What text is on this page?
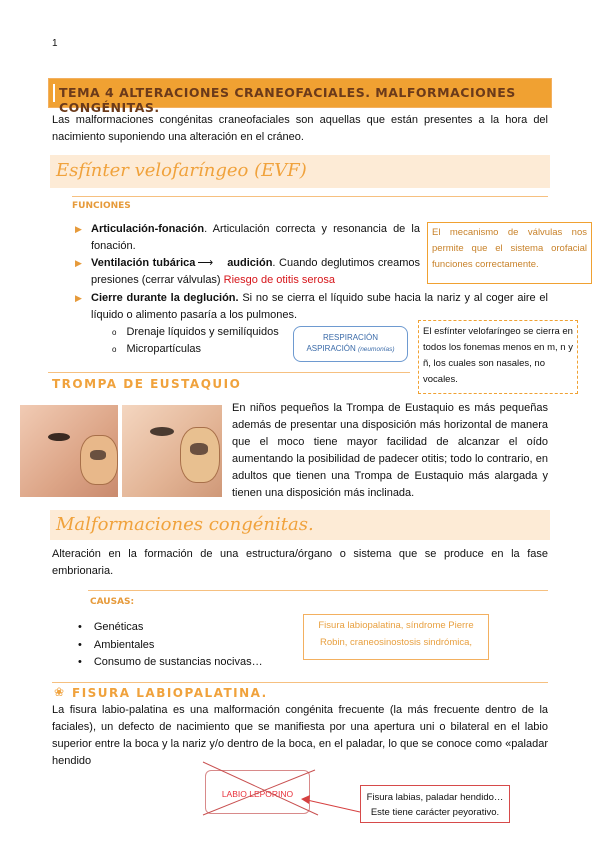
1
TEMA 4 ALTERACIONES CRANEOFACIALES. MALFORMACIONES CONGÉNITAS.
Las malformaciones congénitas craneofaciales son aquellas que están presentes a la hora del nacimiento suponiendo una alteración en el cráneo.
Esfínter velofaríngeo (EVF)
FUNCIONES
▶ Articulación-fonación. Articulación correcta y resonancia de la fonación.
▶ Ventilación tubárica ⟶ audición. Cuando deglutimos creamos presiones (cerrar válvulas) Riesgo de otitis serosa
▶ Cierre durante la deglución. Si no se cierra el líquido sube hacia la nariz y al coger aire el líquido o alimento pasaría a los pulmones.
o Drenaje líquidos y semilíquidos
o Micropartículas
El mecanismo de válvulas nos permite que el sistema orofacial funciones correctamente.
RESPIRACIÓN
ASPIRACIÓN (neumonías)
El esfínter velofaríngeo se cierra en todos los fonemas menos en m, n y ñ, los cuales son nasales, no vocales.
TROMPA DE EUSTAQUIO
En niños pequeños la Trompa de Eustaquio es más pequeñas además de presentar una disposición más horizontal de manera que el moco tiene mayor facilidad de alcanzar el oído aumentando la posibilidad de padecer otitis; todo lo contrario, en adultos que tienen una Trompa de Eustaquio más alargada y tienen una disposición más inclinada.
Malformaciones congénitas.
Alteración en la formación de una estructura/órgano o sistema que se produce en la fase embrionaria.
CAUSAS:
• Genéticas
• Ambientales
• Consumo de sustancias nocivas…
Fisura labiopalatina, síndrome Pierre Robin, craneosinostosis sindrómica,
❀ FISURA LABIOPALATINA.
La fisura labio-palatina es una malformación congénita frecuente (la más frecuente dentro de la faciales), un defecto de nacimiento que se manifiesta por una apertura uni o bilateral en el labio superior entre la boca y la nariz y/o dentro de la boca, en el paladar, lo que se conoce como «paladar hendido
LABIO LEPORINO	Fisura labias, paladar hendido…
Este tiene carácter peyorativo.
